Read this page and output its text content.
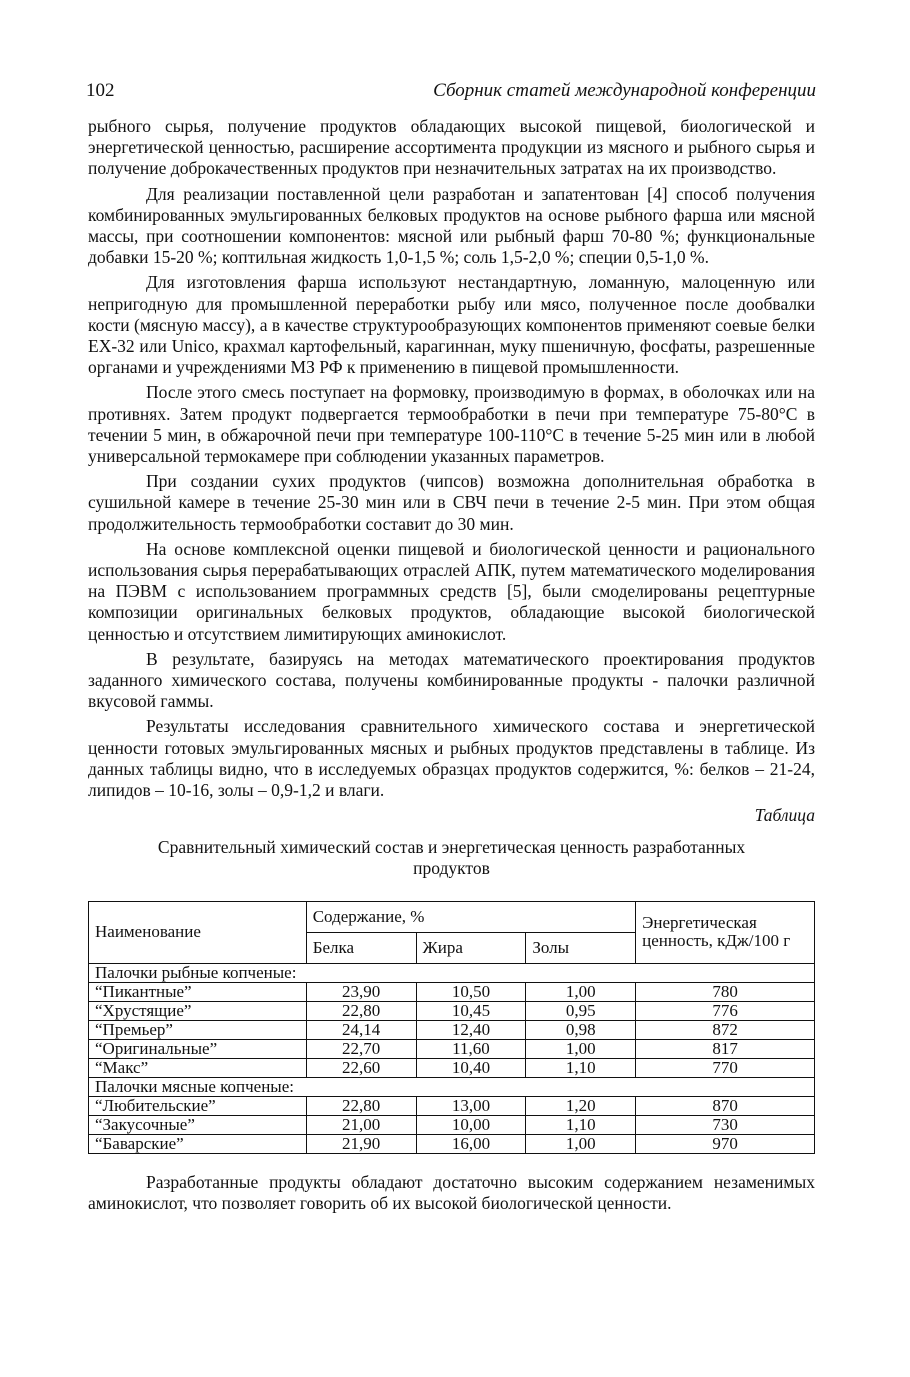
102	Сборник статей международной конференции

рыбного сырья, получение продуктов обладающих высокой пищевой, биологической и энергетической ценностью, расширение ассортимента продукции из мясного и рыбного сырья и получение доброкачественных продуктов при незначительных затратах на их производство.

Для реализации поставленной цели разработан и запатентован [4] способ получения комбинированных эмульгированных белковых продуктов на основе рыбного фарша или мясной массы, при соотношении компонентов: мясной или рыбный фарш 70-80 %; функциональные добавки 15-20 %; коптильная жидкость 1,0-1,5 %; соль 1,5-2,0 %; специи 0,5-1,0 %.

Для изготовления фарша используют нестандартную, ломанную, малоценную или непригодную для промышленной переработки рыбу или мясо, полученное после дообвалки кости (мясную массу), а в качестве структурообразующих компонентов применяют соевые белки EX-32 или Unico, крахмал картофельный, карагиннан, муку пшеничную, фосфаты, разрешенные органами и учреждениями МЗ РФ к применению в пищевой промышленности.

После этого смесь поступает на формовку, производимую в формах, в оболочках или на противнях. Затем продукт подвергается термообработки в печи при температуре 75-80°С в течении 5 мин, в обжарочной печи при температуре 100-110°С в течение 5-25 мин или в любой универсальной термокамере при соблюдении указанных параметров.

При создании сухих продуктов (чипсов) возможна дополнительная обработка в сушильной камере в течение 25-30 мин или в СВЧ печи в течение 2-5 мин. При этом общая продолжительность термообработки составит до 30 мин.

На основе комплексной оценки пищевой и биологической ценности и рационального использования сырья перерабатывающих отраслей АПК, путем математического моделирования на ПЭВМ с использованием программных средств [5], были смоделированы рецептурные композиции оригинальных белковых продуктов, обладающие высокой биологической ценностью и отсутствием лимитирующих аминокислот.

В результате, базируясь на методах математического проектирования продуктов заданного химического состава, получены комбинированные продукты - палочки различной вкусовой гаммы.

Результаты исследования сравнительного химического состава и энергетической ценности готовых эмульгированных мясных и рыбных продуктов представлены в таблице. Из данных таблицы видно, что в исследуемых образцах продуктов содержится, %: белков – 21-24, липидов – 10-16, золы – 0,9-1,2 и влаги.

Таблица

Сравнительный химический состав и энергетическая ценность разработанных продуктов
Наименование	Содержание, %			Энергетическая ценность, кДж/100 г
	Белка	Жира	Золы	
Палочки рыбные копченые:				
“Пикантные”	23,90	10,50	1,00	780
“Хрустящие”	22,80	10,45	0,95	776
“Премьер”	24,14	12,40	0,98	872
“Оригинальные”	22,70	11,60	1,00	817
“Макс”	22,60	10,40	1,10	770
Палочки мясные копченые:				
“Любительские”	22,80	13,00	1,20	870
“Закусочные”	21,00	10,00	1,10	730
“Баварские”	21,90	16,00	1,00	970

Разработанные продукты обладают достаточно высоким содержанием незаменимых аминокислот, что позволяет говорить об их высокой биологической ценности.
